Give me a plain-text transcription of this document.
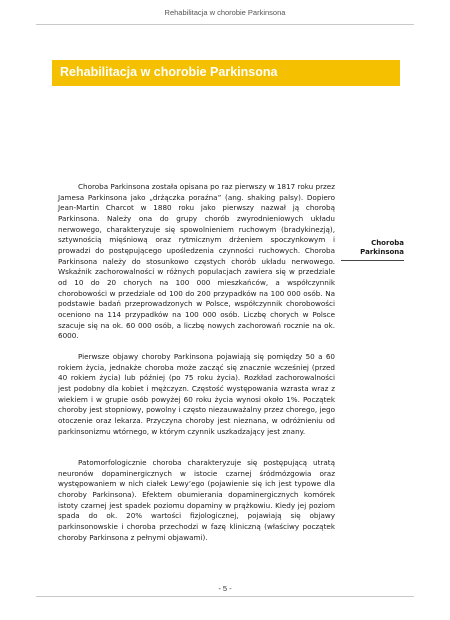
Rehabilitacja w chorobie Parkinsona
Rehabilitacja w chorobie Parkinsona

Choroba Parkinsona została opisana po raz pierwszy w 1817 roku przez Jamesa Parkinsona jako „drżączka poraźna” (ang. shaking palsy). Dopiero Jean-Martin Charcot w 1880 roku jako pierwszy nazwał ją chorobą Parkinsona. Należy ona do grupy chorób zwyrodnieniowych układu nerwowego, charakteryzuje się spowolnieniem ruchowym (bradykinezją), sztywnością mięśniową oraz rytmicznym drżeniem spoczynkowym i prowadzi do postępującego upośledzenia czynności ruchowych. Choroba Parkinsona należy do stosunkowo częstych chorób układu nerwowego. Wskaźnik zachorowalności w różnych populacjach zawiera się w przedziale od 10 do 20 chorych na 100 000 mieszkańców, a współczynnik chorobowości w przedziale od 100 do 200 przypadków na 100 000 osób. Na podstawie badań przeprowadzonych w Polsce, współczynnik chorobowości oceniono na 114 przypadków na 100 000 osób. Liczbę chorych w Polsce szacuje się na ok. 60 000 osób, a liczbę nowych zachorowań rocznie na ok. 6000.

Pierwsze objawy choroby Parkinsona pojawiają się pomiędzy 50 a 60 rokiem życia, jednakże choroba może zacząć się znacznie wcześniej (przed 40 rokiem życia) lub później (po 75 roku życia). Rozkład zachorowalności jest podobny dla kobiet i mężczyzn. Częstość występowania wzrasta wraz z wiekiem i w grupie osób powyżej 60 roku życia wynosi około 1%. Początek choroby jest stopniowy, powolny i często niezauważalny przez chorego, jego otoczenie oraz lekarza. Przyczyna choroby jest nieznana, w odróżnieniu od parkinsonizmu wtórnego, w którym czynnik uszkadzający jest znany.

Patomorfologicznie choroba charakteryzuje się postępującą utratą neuronów dopaminergicznych w istocie czarnej śródmózgowia oraz występowaniem w nich ciałek Lewy’ego (pojawienie się ich jest typowe dla choroby Parkinsona). Efektem obumierania dopaminergicznych komórek istoty czarnej jest spadek poziomu dopaminy w prążkowiu. Kiedy jej poziom spada do ok. 20% wartości fizjologicznej, pojawiają się objawy parkinsonowskie i choroba przechodzi w fazę kliniczną (właściwy początek choroby Parkinsona z pełnymi objawami).

Choroba Parkinsona
- 5 -
